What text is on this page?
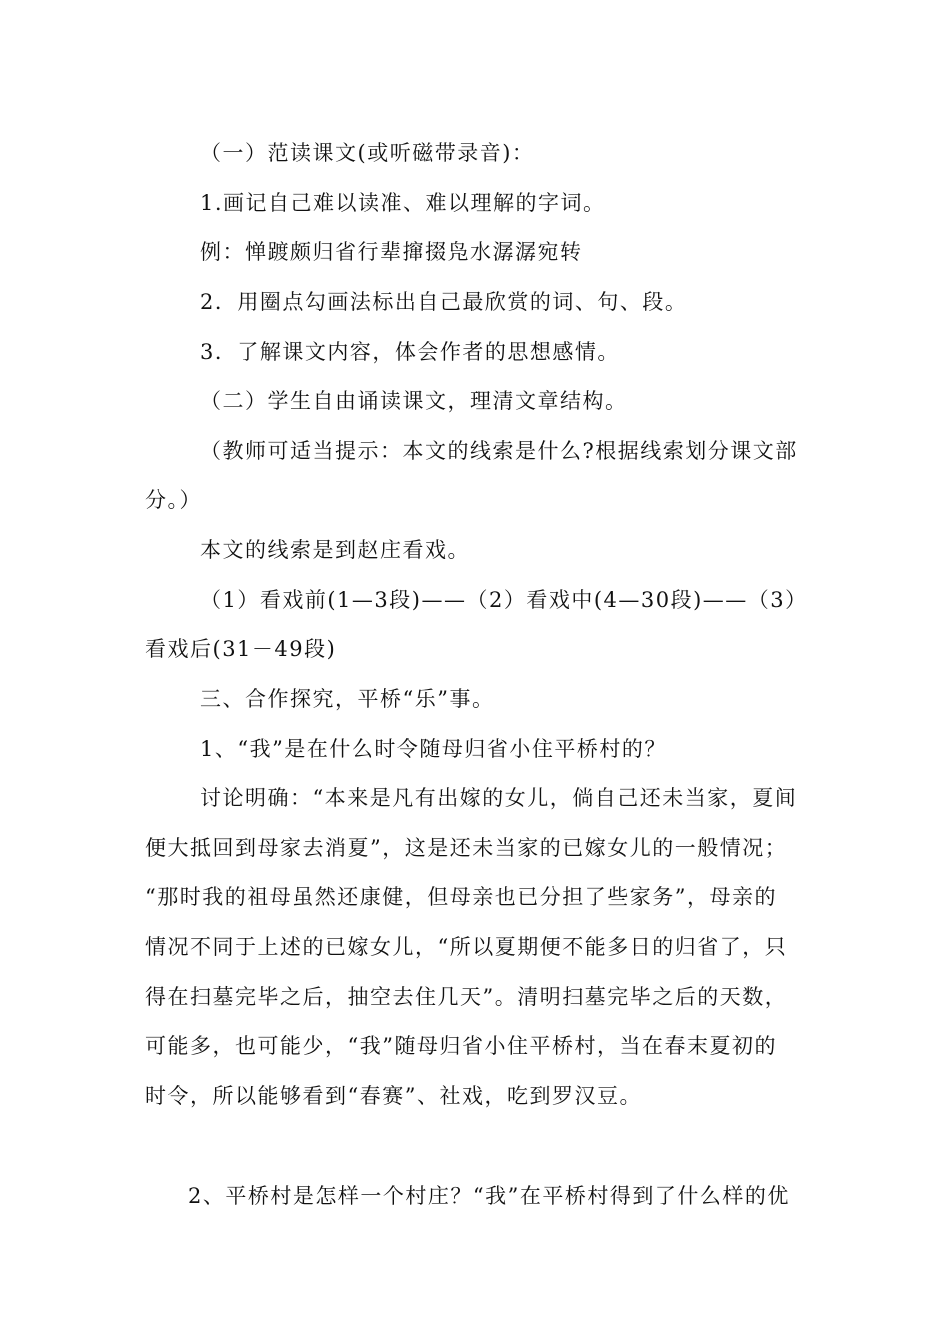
（一）范读课文(或听磁带录音)：

1.画记自己难以读准、难以理解的字词。

例：惮踱颇归省行辈撺掇凫水潺潺宛转

2．用圈点勾画法标出自己最欣赏的词、句、段。

3．了解课文内容，体会作者的思想感情。

（二）学生自由诵读课文，理清文章结构。

（教师可适当提示：本文的线索是什么?根据线索划分课文部

分。）

本文的线索是到赵庄看戏。

（1）看戏前(1—3段)——（2）看戏中(4—30段)——（3）

看戏后(31－49段)

三、合作探究，平桥“乐”事。

1、“我”是在什么时令随母归省小住平桥村的？

讨论明确：“本来是凡有出嫁的女儿，倘自己还未当家，夏间

便大抵回到母家去消夏”，这是还未当家的已嫁女儿的一般情况；

“那时我的祖母虽然还康健，但母亲也已分担了些家务”，母亲的

情况不同于上述的已嫁女儿，“所以夏期便不能多日的归省了，只

得在扫墓完毕之后，抽空去住几天”。清明扫墓完毕之后的天数，

可能多，也可能少，“我”随母归省小住平桥村，当在春末夏初的

时令，所以能够看到“春赛”、社戏，吃到罗汉豆。

2、平桥村是怎样一个村庄？“我”在平桥村得到了什么样的优
